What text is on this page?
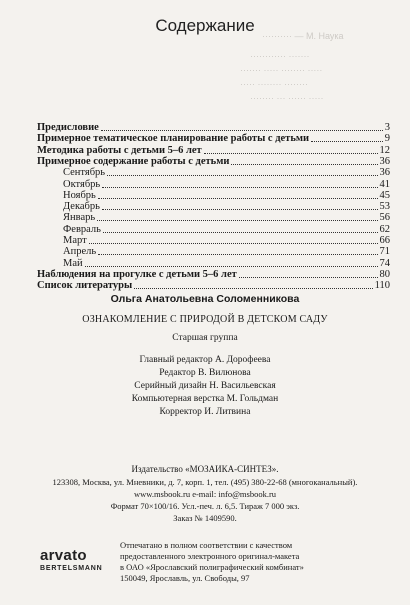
·········· — М. Наука
············ ·······
······· ····· ········ ·····
····· ········ ········
········ ··· ······ ·····
Содержание
Предисловие	3
Примерное тематическое планирование работы с детьми	9
Методика работы с детьми 5–6 лет	12
Примерное содержание работы с детьми	36
Сентябрь	36
Октябрь	41
Ноябрь	45
Декабрь	53
Январь	56
Февраль	62
Март	66
Апрель	71
Май	74
Наблюдения на прогулке с детьми 5–6 лет	80
Список литературы	110
Ольга Анатольевна Соломенникова
ОЗНАКОМЛЕНИЕ С ПРИРОДОЙ В ДЕТСКОМ САДУ
Старшая группа
Главный редактор А. Дорофеева
Редактор В. Вилюнова
Серийный дизайн Н. Васильевская
Компьютерная верстка М. Гольдман
Корректор И. Литвина
Издательство «МОЗАИКА-СИНТЕЗ».
123308, Москва, ул. Мневники, д. 7, корп. 1, тел. (495) 380-22-68 (многоканальный).
www.msbook.ru e-mail: info@msbook.ru
Формат 70×100/16. Усл.-печ. л. 6,5. Тираж 7 000 экз.
Заказ № 1409590.
arvato
BERTELSMANN
Отпечатано в полном соответствии с качеством
предоставленного электронного оригинал-макета
в ОАО «Ярославский полиграфический комбинат»
150049, Ярославль, ул. Свободы, 97
